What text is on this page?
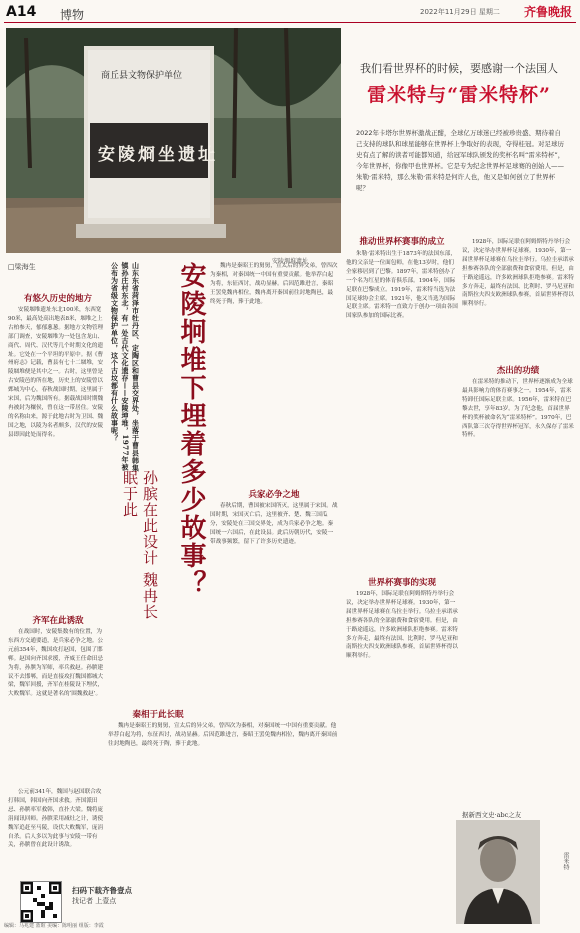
A14 博物	2022年11月29日 星期二 齐鲁晚报
商丘县文物保护单位
安陵烱坐遗址
安陵堌堆遗址
我们看世界杯的时候，要感谢一个法国人
雷米特与“雷米特杯”
2022年卡塔尔世界杯激战正酣，全球亿万球迷已经被珍贵盛、期待着自己支持的球队和球星能够在世界杯上争取好的表现，夺得桂冠。对足球历史有点了解的读者可能都知道，给冠军球队颁发的奖杯名叫“雷米特杯”，今年世界杯，你像甲也世界杯。它是专为纪念世界杯足球赛的创始人——朱勒·雷米特，那么朱勒·雷米特是何许人也，他又是如何创立了世界杯呢？
□梁海生
有悠久历史的地方
安陵堌堆遗址东北100米，东西宽90米，最高处高出地表8米，堌堆之上古柏参天，郁郁葱葱。据地方文物管理部门调查，安陵堌堆为一处包含龙山、商代、周代、汉代等几个时期文化的遗址。它处在一个平坦的平原中。据《曹州府志》记载，曹县有七十二堌堆，安陵堌堆便是其中之一。古时，这里曾是古安陵邑的所在地，历史上的安陵曾以鄄城为中心，春秋战国时期，这里属于宋国，后为魏国所有。据载战国时期魏冉被封为穰侯，曾在这一带居住。安陵的名称由来，源于此地古时为卫国、魏国之地，以陵为名者颇多，汉代的安陵县即因此处而得名。
齐军在此诱敌
在战国时，安陵集数有的位置，为东西方交通要道，是兵家必争之地。公元前354年，魏国攻打赵国，包围了邯郸。赵国向齐国求援，齐威王任命田忌为将，孙膑为军师，率兵救赵。孙膑建议不去邯郸，而是直接攻打魏国都城大梁，魏军回援，齐军在桂陵设下埋伏，大败魏军。这就是著名的‘围魏救赵’。
公元前341年，魏国与赵国联合攻打韩国，韩国向齐国求救。齐国派田忌、孙膑率军救韩，直扑大梁。魏将庞涓闻讯回师。孙膑采用减灶之计，诱使魏军追赶至马陵，设伏大败魏军，庞涓自杀。后人多以为此事与安陵一带有关，孙膑曾在此设计诱敌。
山东东省菏泽市牡丹区、定陶区和曹县交界处，坐落于曹县韩集镇孙庄村东北，有一处古代文化遗存——安陵坤堆，1977年被公布为省级文物保护单位，这个古坟都有什么故事呢？	安陵坰堆下埋着多少故事？
孙膑在此设计 魏冉长眠于此
魏冉是秦昭王的舅舅，宣太后的异父弟，曾四次为秦相，对秦国统一中国有重要贡献。他举荐白起为将，东征西讨，战功显赫。后因范雎进言，秦昭王罢免魏冉相位，魏冉离开秦国前往封地陶邑，最终死于陶，葬于此地。
兵家必争之地
春秋后期，曹国被宋国所灭，这里属于宋国。战国时期，宋国灭亡后，这里被齐、楚、魏三国瓜分，安陵处在三国交界处，成为兵家必争之地。秦国统一六国后，在此设县。此后历朝历代，安陵一带战事频繁，留下了许多历史遗迹。
秦相于此长眠
魏冉是秦昭王的舅舅，宣太后的异父弟，曾四次为秦相，对秦国统一中国有重要贡献。他举荐白起为将，东征西讨，战功显赫。后因范雎进言，秦昭王罢免魏冉相位，魏冉离开秦国前往封地陶邑，最终死于陶，葬于此地。
推动世界杯赛事的成立
朱勒·雷米特出生于1873年的法国东部，他的父亲是一位面包师，在他13岁时，他们全家移居到了巴黎。1897年，雷米特创办了一个名为红星的体育俱乐部。1904年，国际足联在巴黎成立。1919年，雷米特当选为法国足球协会主席。1921年，他又当选为国际足联主席。雷米特一直致力于创办一项由各国国家队参加的国际比赛。
世界杯赛事的实现
1928年，国际足联在阿姆斯特丹举行会议，决定举办世界杯足球赛。1930年，第一届世界杯足球赛在乌拉圭举行。乌拉圭承诺承担参赛各队的全部旅费和食宿费用。但是，由于路途遥远，许多欧洲球队拒绝参赛。雷米特多方奔走，最终有法国、比利时、罗马尼亚和南斯拉夫四支欧洲球队参赛，首届世界杯得以顺利举行。
1928年，国际足联在阿姆斯特丹举行会议，决定举办世界杯足球赛。1930年，第一届世界杯足球赛在乌拉圭举行。乌拉圭承诺承担参赛各队的全部旅费和食宿费用。但是，由于路途遥远，许多欧洲球队拒绝参赛。雷米特多方奔走，最终有法国、比利时、罗马尼亚和南斯拉夫四支欧洲球队参赛，首届世界杯得以顺利举行。
杰出的功绩
在雷米特的推动下，世界杯逐渐成为全球最具影响力的体育赛事之一。1954年，雷米特卸任国际足联主席。1956年，雷米特在巴黎去世，享年83岁。为了纪念他，首届世界杯的奖杯被命名为“雷米特杯”。1970年，巴西队第三次夺得世界杯冠军，永久保存了雷米特杯。
据新西文史·abc之友
雷米特
扫码下载齐鲁壹点
找记者 上壹点
编辑：马兆建 蓝暄 美编：陈明丽 组版：李霞
